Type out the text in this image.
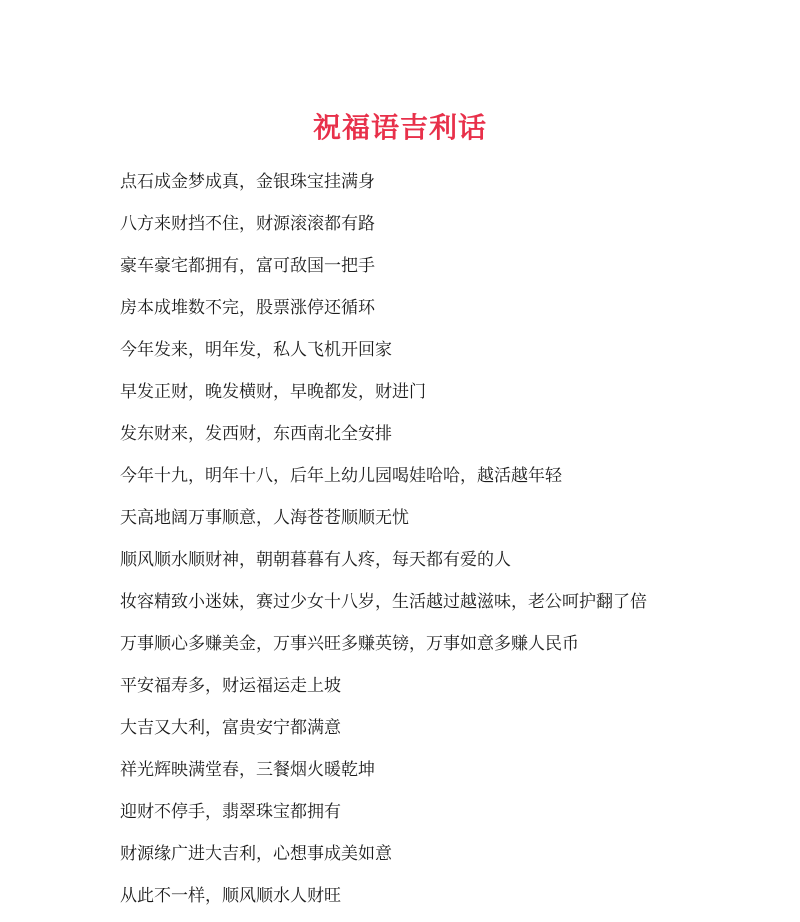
祝福语吉利话
点石成金梦成真，金银珠宝挂满身
八方来财挡不住，财源滚滚都有路
豪车豪宅都拥有，富可敌国一把手
房本成堆数不完，股票涨停还循环
今年发来，明年发，私人飞机开回家
早发正财，晚发横财，早晚都发，财进门
发东财来，发西财，东西南北全安排
今年十九，明年十八，后年上幼儿园喝娃哈哈，越活越年轻
天高地阔万事顺意，人海苍苍顺顺无忧
顺风顺水顺财神，朝朝暮暮有人疼，每天都有爱的人
妆容精致小迷妹，赛过少女十八岁，生活越过越滋味，老公呵护翻了倍
万事顺心多赚美金，万事兴旺多赚英镑，万事如意多赚人民币
平安福寿多，财运福运走上坡
大吉又大利，富贵安宁都满意
祥光辉映满堂春，三餐烟火暖乾坤
迎财不停手，翡翠珠宝都拥有
财源缘广进大吉利，心想事成美如意
从此不一样，顺风顺水人财旺
